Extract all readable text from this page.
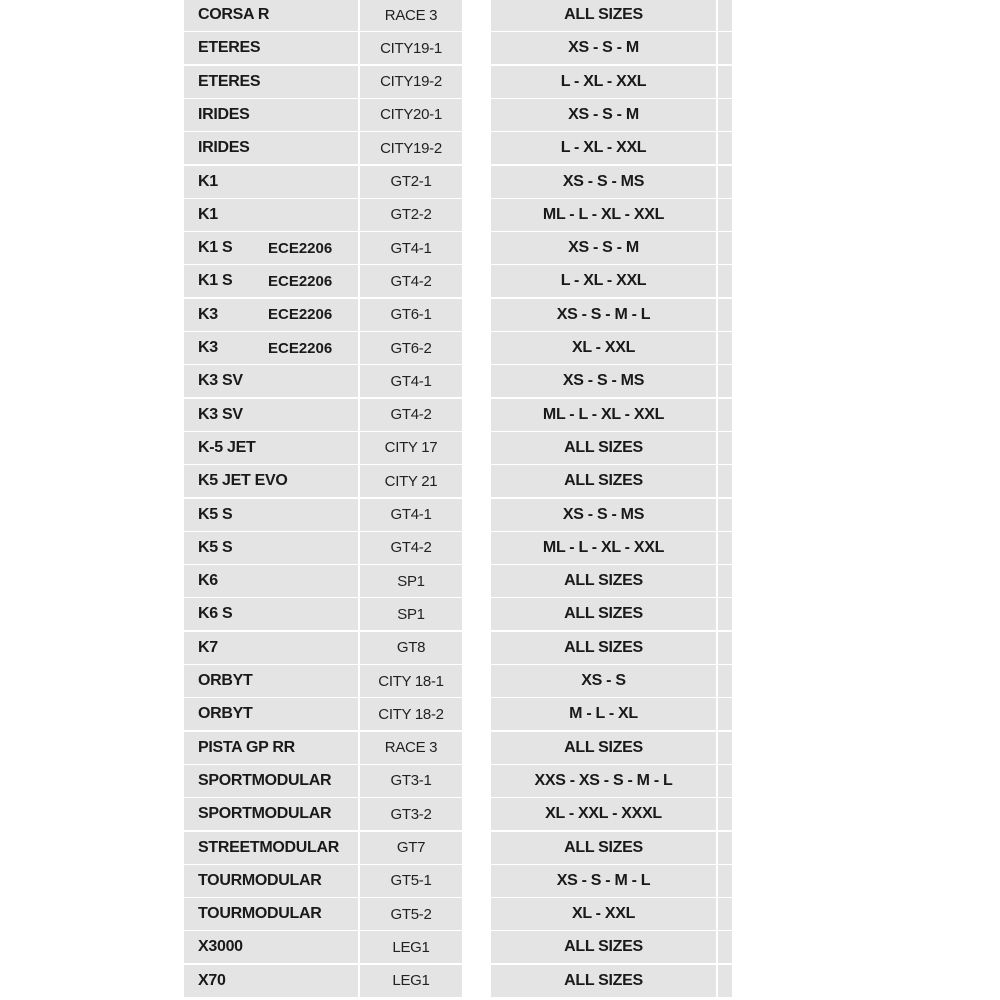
CORSA R	RACE 3	ALL SIZES
ETERES	CITY19-1	XS - S - M
ETERES	CITY19-2	L - XL - XXL
IRIDES	CITY20-1	XS - S - M
IRIDES	CITY19-2	L - XL - XXL
K1	GT2-1	XS - S - MS
K1	GT2-2	ML - L - XL - XXL
K1 S	ECE2206	GT4-1	XS - S - M
K1 S	ECE2206	GT4-2	L - XL - XXL
K3	ECE2206	GT6-1	XS - S - M - L
K3	ECE2206	GT6-2	XL - XXL
K3 SV	GT4-1	XS - S - MS
K3 SV	GT4-2	ML - L - XL - XXL
K-5 JET	CITY 17	ALL SIZES
K5 JET EVO	CITY 21	ALL SIZES
K5 S	GT4-1	XS - S - MS
K5 S	GT4-2	ML - L - XL - XXL
K6	SP1	ALL SIZES
K6 S	SP1	ALL SIZES
K7	GT8	ALL SIZES
ORBYT	CITY 18-1	XS - S
ORBYT	CITY 18-2	M - L - XL
PISTA GP RR	RACE 3	ALL SIZES
SPORTMODULAR	GT3-1	XXS - XS - S - M - L
SPORTMODULAR	GT3-2	XL - XXL - XXXL
STREETMODULAR	GT7	ALL SIZES
TOURMODULAR	GT5-1	XS - S - M - L
TOURMODULAR	GT5-2	XL - XXL
X3000	LEG1	ALL SIZES
X70	LEG1	ALL SIZES
